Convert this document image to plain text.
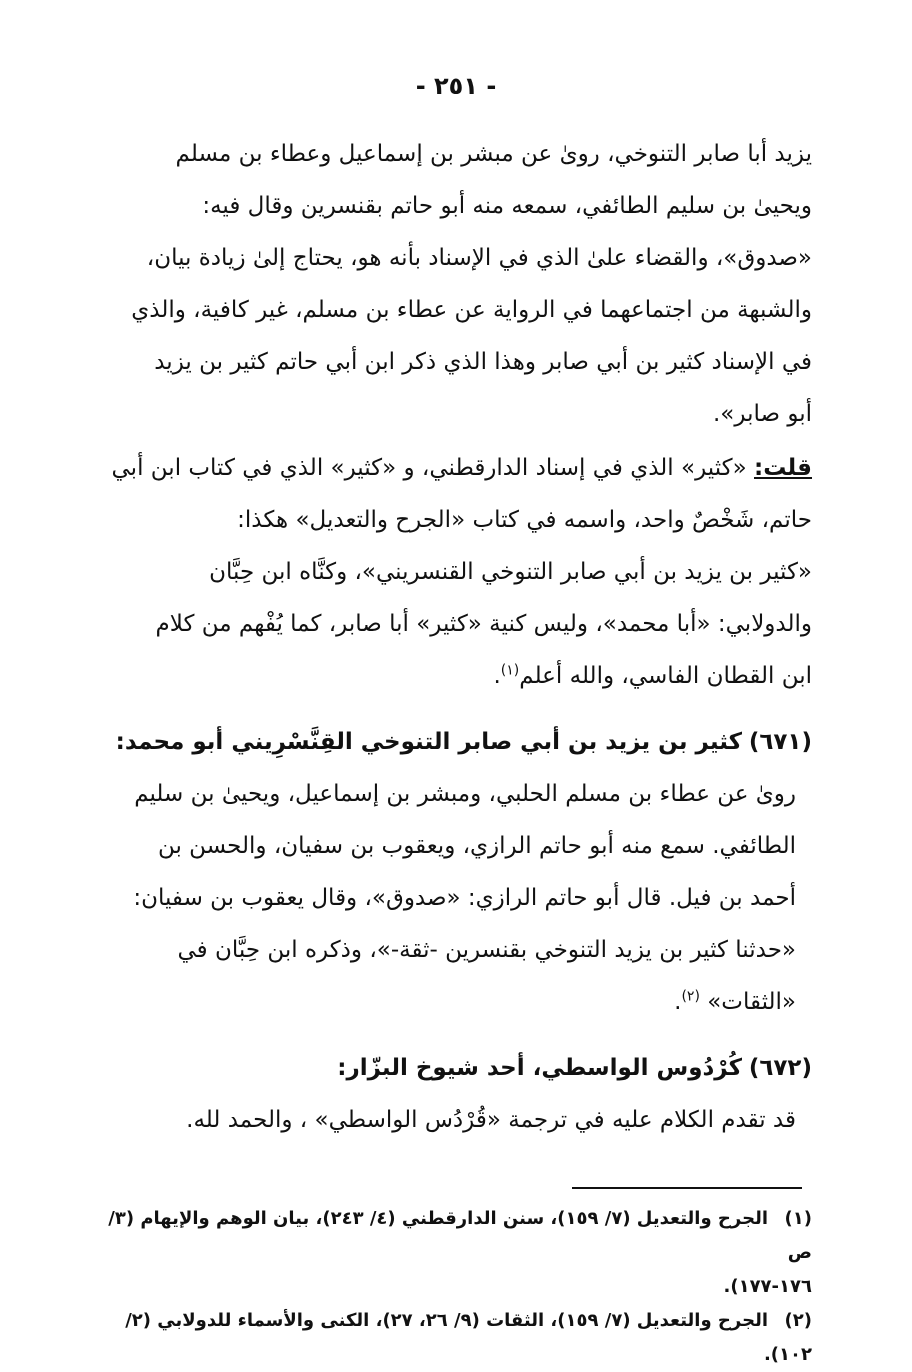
- ٢٥١ -

يزيد أبا صابر التنوخي، روىٰ عن مبشر بن إسماعيل وعطاء بن مسلم

ويحيىٰ بن سليم الطائفي، سمعه منه أبو حاتم بقنسرين وقال فيه:

«صدوق»، والقضاء علىٰ الذي في الإسناد بأنه هو، يحتاج إلىٰ زيادة بيان،

والشبهة من اجتماعهما في الرواية عن عطاء بن مسلم، غير كافية، والذي

في الإسناد كثير بن أبي صابر وهذا الذي ذكر ابن أبي حاتم كثير بن يزيد

أبو صابر».

قلت: «كثير» الذي في إسناد الدارقطني، و «كثير» الذي في كتاب ابن أبي

حاتم، شَخْصٌ واحد، واسمه في كتاب «الجرح والتعديل» هكذا:

«كثير بن يزيد بن أبي صابر التنوخي القنسريني»، وكنَّاه ابن حِبَّان

والدولابي: «أبا محمد»، وليس كنية «كثير» أبا صابر، كما يُفْهم من كلام

ابن القطان الفاسي، والله أعلم$^{(١)}$.

(٦٧١)كثير بن يزيد بن أبي صابر التنوخي القِنَّسْرِيني أبو محمد:

روىٰ عن عطاء بن مسلم الحلبي، ومبشر بن إسماعيل، ويحيىٰ بن سليم

الطائفي. سمع منه أبو حاتم الرازي، ويعقوب بن سفيان، والحسن بن

أحمد بن فيل. قال أبو حاتم الرازي: «صدوق»، وقال يعقوب بن سفيان:

«حدثنا كثير بن يزيد التنوخي بقنسرين -ثقة-»، وذكره ابن حِبَّان في

«الثقات» $^{(٢)}$.

(٦٧٢)كُرْدُوس الواسطي، أحد شيوخ البزّار:

قد تقدم الكلام عليه في ترجمة «قُرْدُس الواسطي» ، والحمد لله.

(١)الجرح والتعديل (٧/ ١٥٩)، سنن الدارقطني (٤/ ٢٤٣)، بيان الوهم والإيهام (٣/ ص

١٧٦-١٧٧).

(٢)الجرح والتعديل (٧/ ١٥٩)، الثقات (٩/ ٢٦، ٢٧)، الكنى والأسماء للدولابي (٢/ ١٠٢).
